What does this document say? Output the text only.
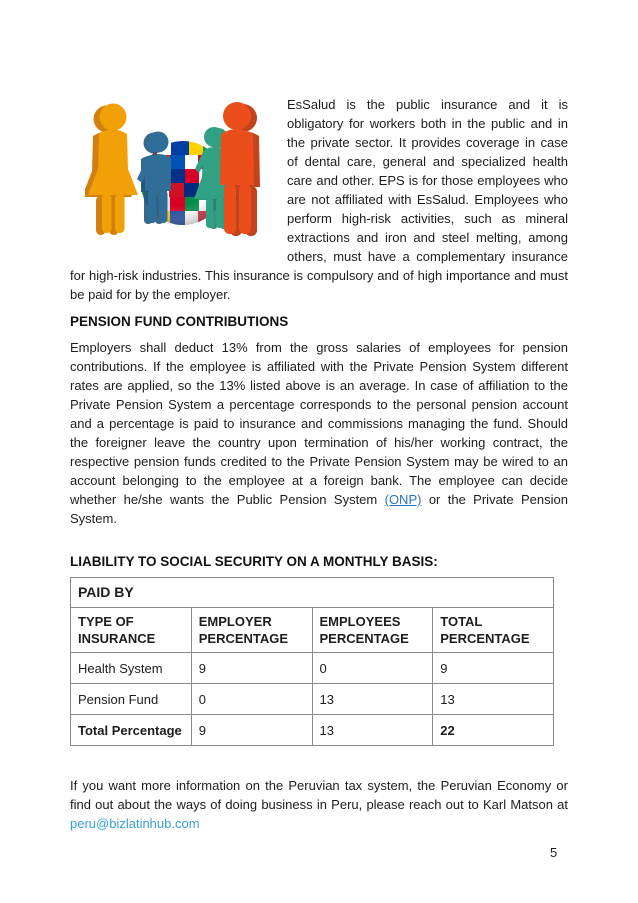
EsSalud is the public insurance and it is obligatory for workers both in the public and in the private sector. It provides coverage in case of dental care, general and specialized health care and other. EPS is for those employees who are not affiliated with EsSalud. Employees who perform high-risk activities, such as mineral extractions and iron and steel melting, among others, must have a complementary insurance for high-risk industries. This insurance is compulsory and of high importance and must be paid for by the employer.

PENSION FUND CONTRIBUTIONS

Employers shall deduct 13% from the gross salaries of employees for pension contributions. If the employee is affiliated with the Private Pension System different rates are applied, so the 13% listed above is an average. In case of affiliation to the Private Pension System a percentage corresponds to the personal pension account and a percentage is paid to insurance and commissions managing the fund. Should the foreigner leave the country upon termination of his/her working contract, the respective pension funds credited to the Private Pension System may be wired to an account belonging to the employee at a foreign bank. The employee can decide whether he/she wants the Public Pension System (ONP) or the Private Pension System.

LIABILITY TO SOCIAL SECURITY ON A MONTHLY BASIS:
PAID BY			
TYPE OF INSURANCE	EMPLOYER PERCENTAGE	EMPLOYEES PERCENTAGE	TOTAL PERCENTAGE
Health System	9	0	9
Pension Fund	0	13	13
Total Percentage	9	13	22

If you want more information on the Peruvian tax system, the Peruvian Economy or find out about the ways of doing business in Peru, please reach out to Karl Matson at peru@bizlatinhub.com

5
